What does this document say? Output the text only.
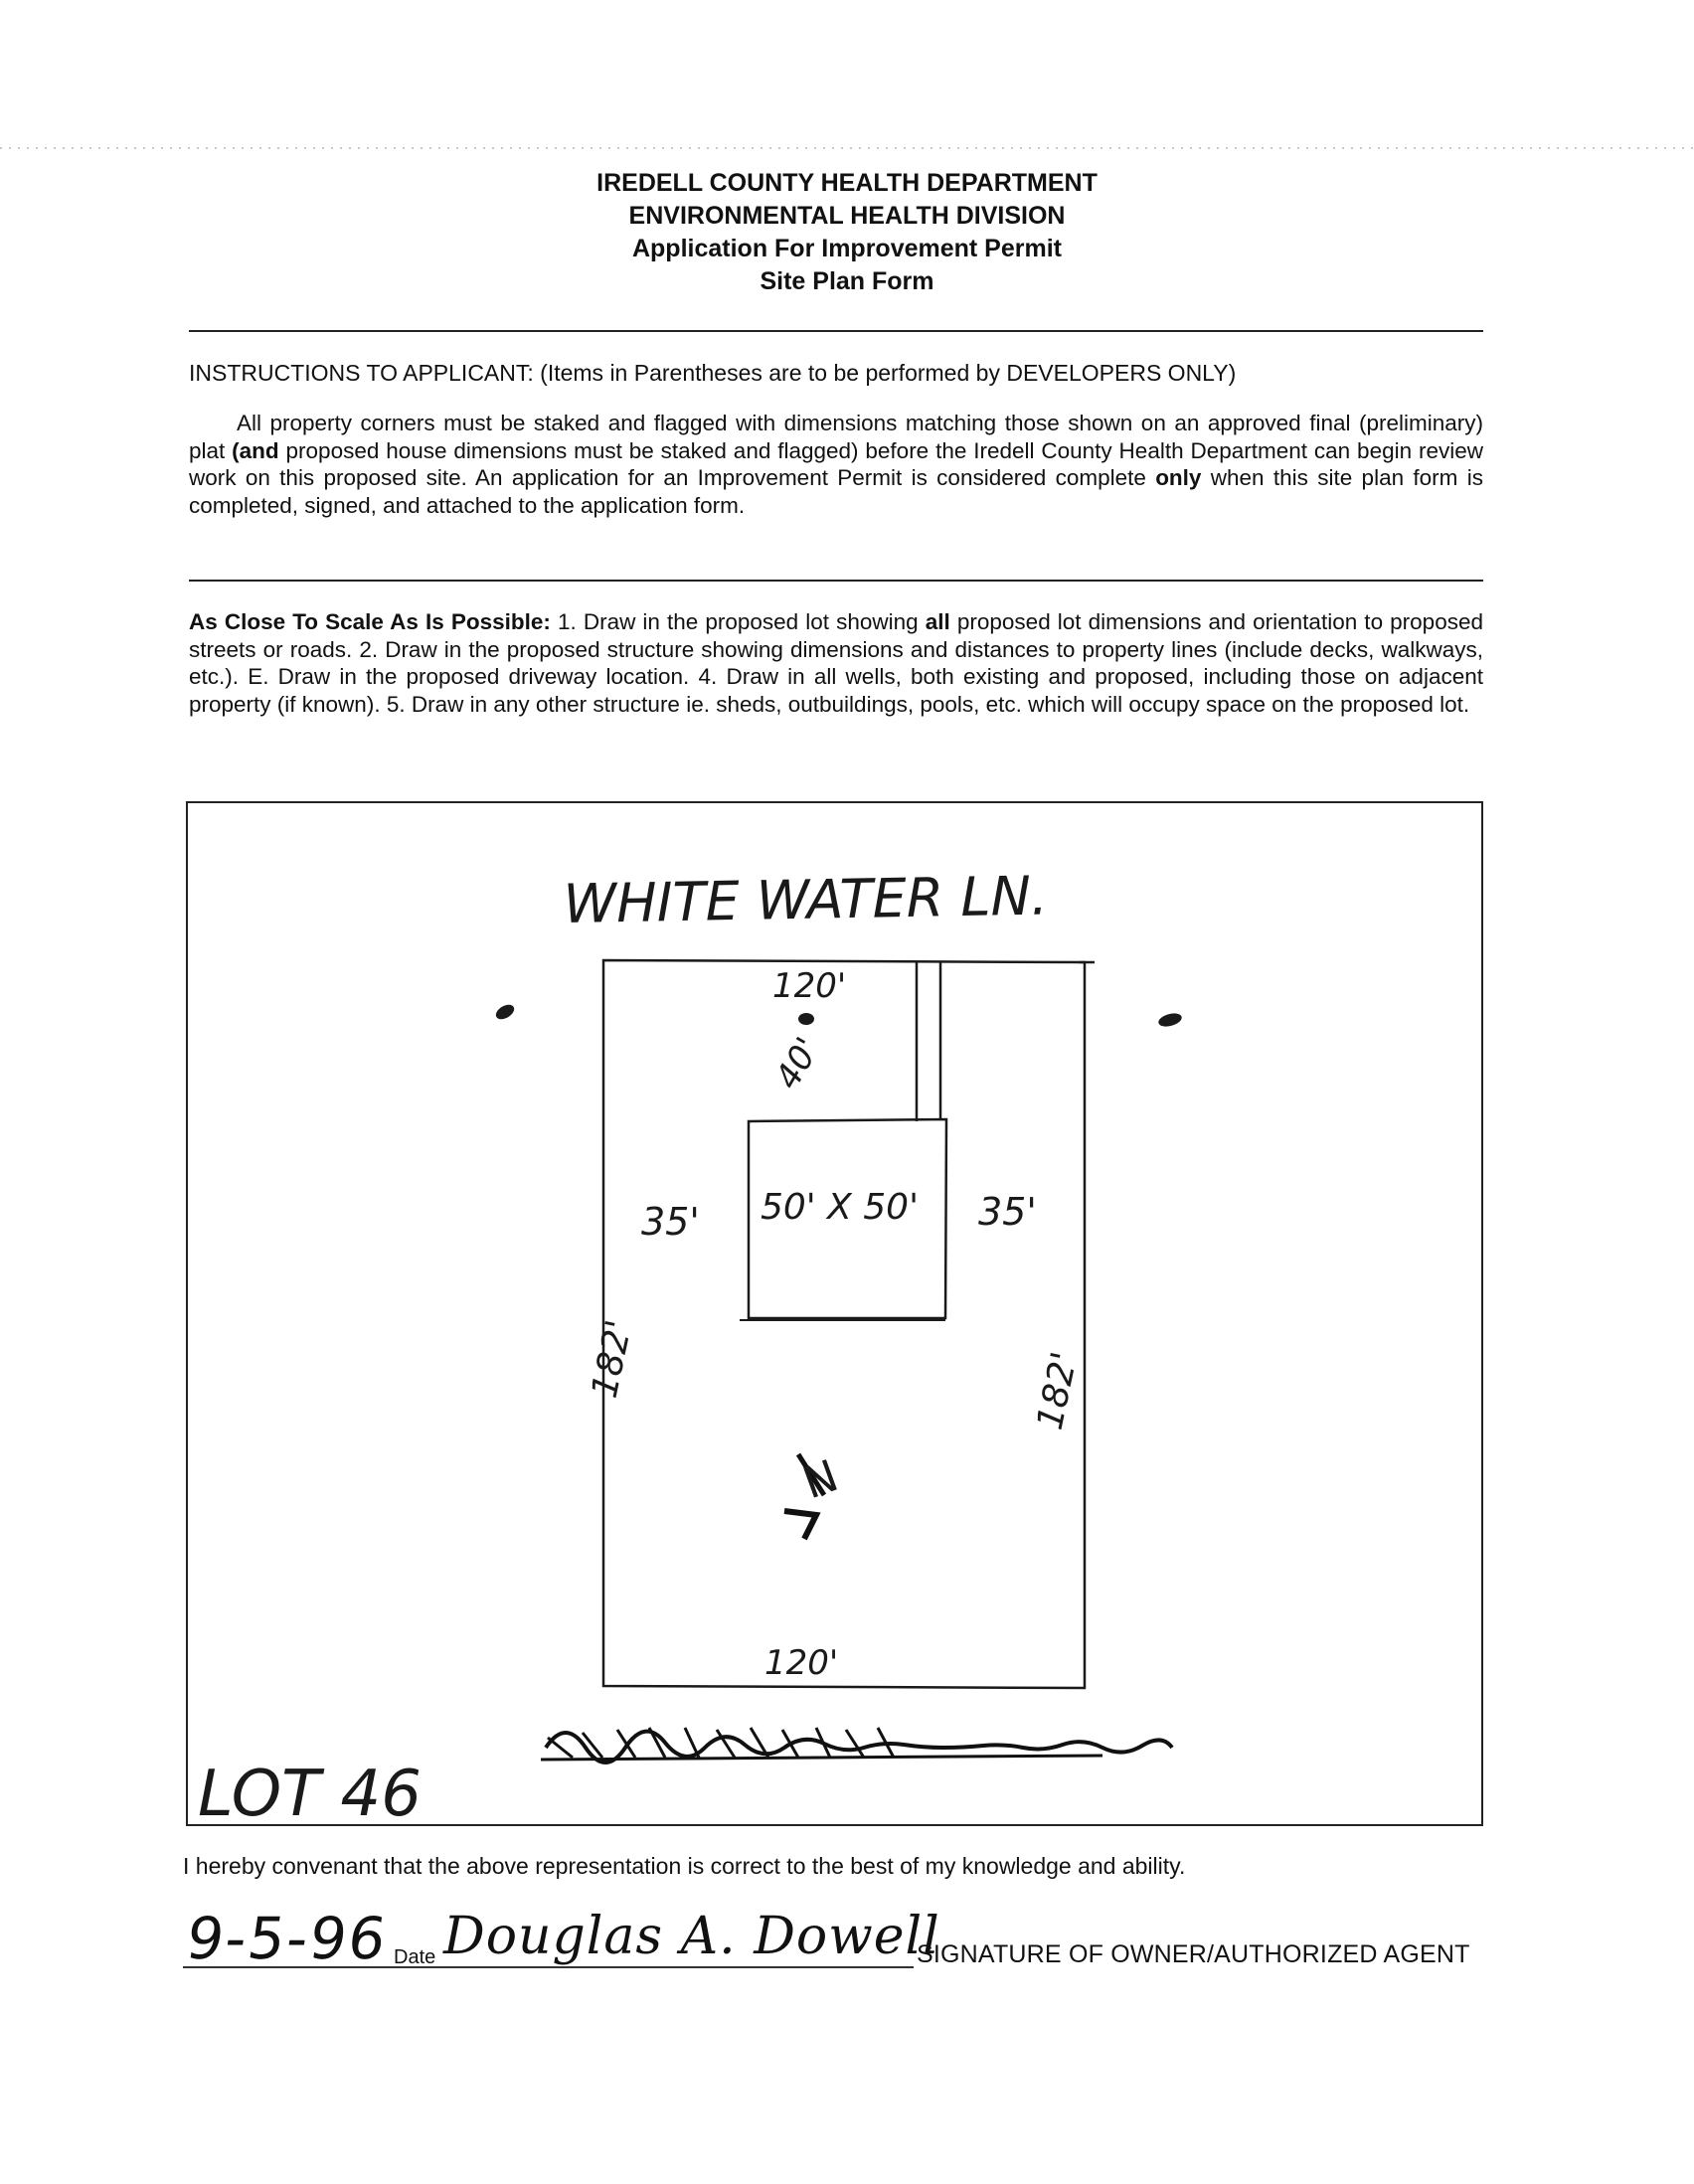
IREDELL COUNTY HEALTH DEPARTMENT
ENVIRONMENTAL HEALTH DIVISION
Application For Improvement Permit
Site Plan Form
INSTRUCTIONS TO APPLICANT: (Items in Parentheses are to be performed by DEVELOPERS ONLY)
All property corners must be staked and flagged with dimensions matching those shown on an approved final (preliminary) plat (and proposed house dimensions must be staked and flagged) before the Iredell County Health Department can begin review work on this proposed site. An application for an Improvement Permit is considered complete only when this site plan form is completed, signed, and attached to the application form.
As Close To Scale As Is Possible: 1. Draw in the proposed lot showing all proposed lot dimensions and orientation to proposed streets or roads. 2. Draw in the proposed structure showing dimensions and distances to property lines (include decks, walkways, etc.). E. Draw in the proposed driveway location. 4. Draw in all wells, both existing and proposed, including those on adjacent property (if known). 5. Draw in any other structure ie. sheds, outbuildings, pools, etc. which will occupy space on the proposed lot.
WHITE WATER LN.
120'
120'
182'	182'
40'
35'	35'
50' X 50'
N
LOT 46
I hereby convenant that the above representation is correct to the best of my knowledge and ability.
9-5-96 Date Douglas A. Dowell
SIGNATURE OF OWNER/AUTHORIZED AGENT
